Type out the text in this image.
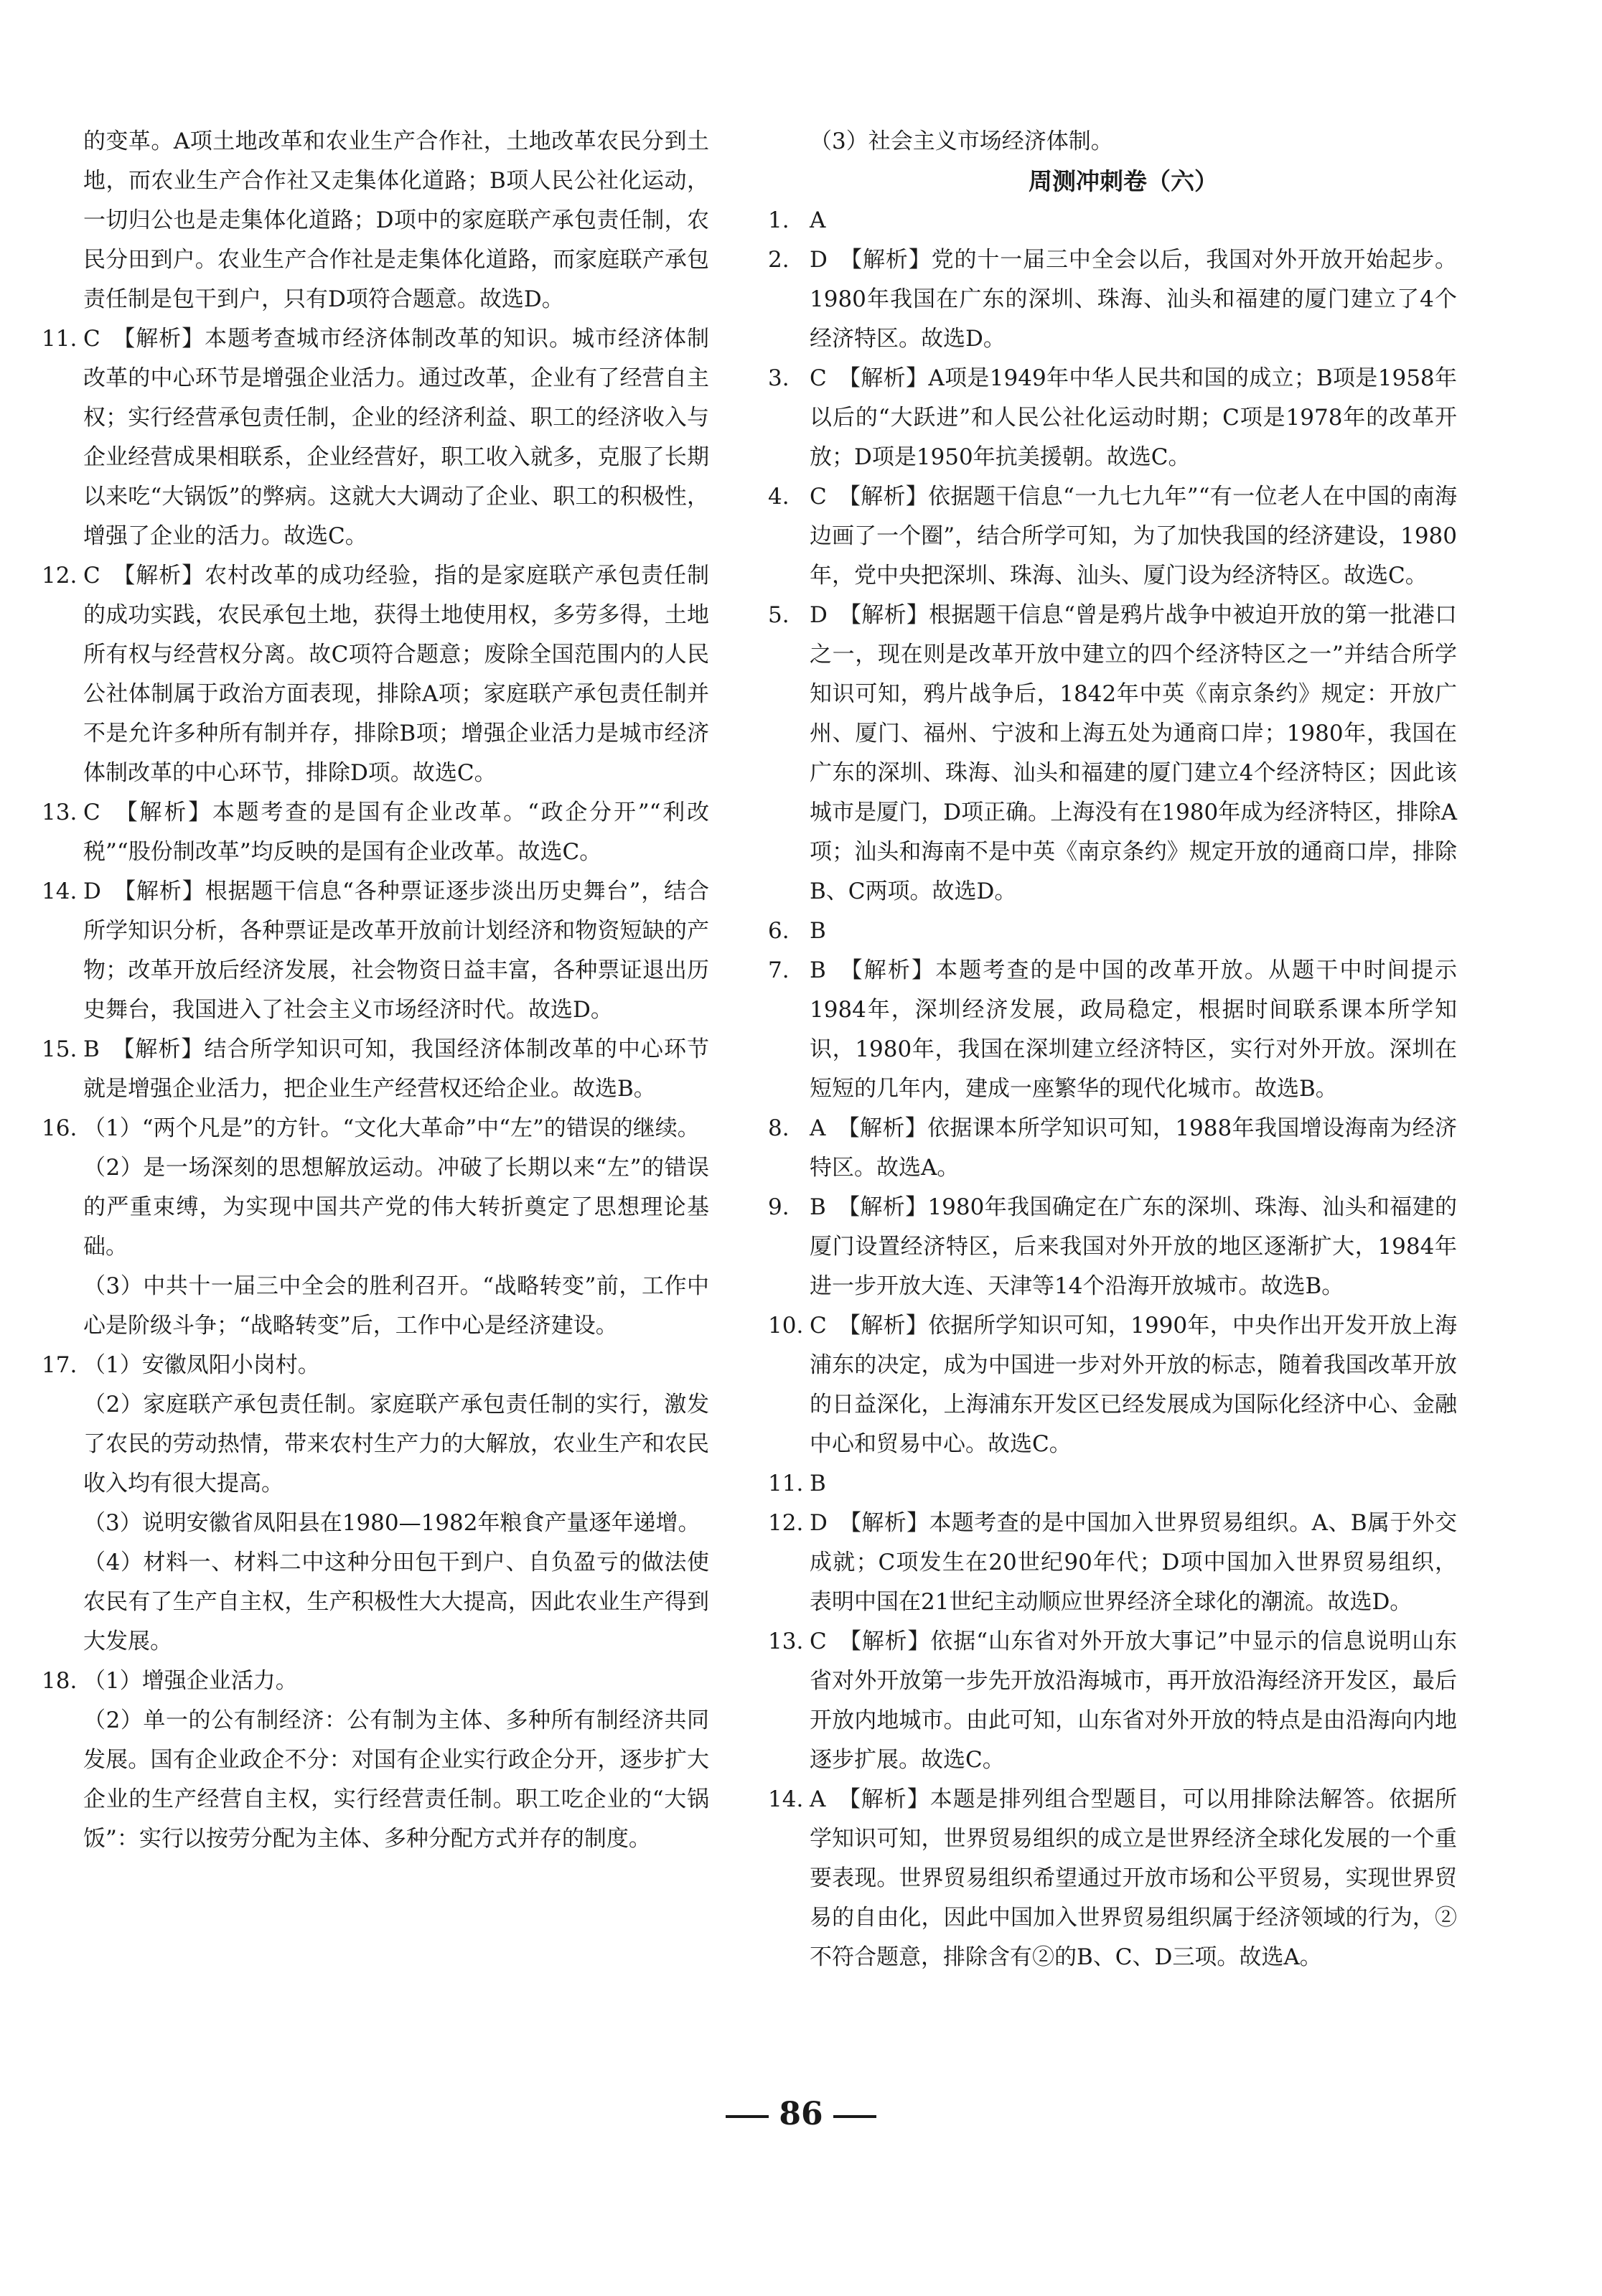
的变革。A项土地改革和农业生产合作社，土地改革农民分到土地，而农业生产合作社又走集体化道路；B项人民公社化运动，一切归公也是走集体化道路；D项中的家庭联产承包责任制，农民分田到户。农业生产合作社是走集体化道路，而家庭联产承包责任制是包干到户，只有D项符合题意。故选D。
11. C　【解析】本题考查城市经济体制改革的知识。城市经济体制改革的中心环节是增强企业活力。通过改革，企业有了经营自主权；实行经营承包责任制，企业的经济利益、职工的经济收入与企业经营成果相联系，企业经营好，职工收入就多，克服了长期以来吃“大锅饭”的弊病。这就大大调动了企业、职工的积极性，增强了企业的活力。故选C。
12. C　【解析】农村改革的成功经验，指的是家庭联产承包责任制的成功实践，农民承包土地，获得土地使用权，多劳多得，土地所有权与经营权分离。故C项符合题意；废除全国范围内的人民公社体制属于政治方面表现，排除A项；家庭联产承包责任制并不是允许多种所有制并存，排除B项；增强企业活力是城市经济体制改革的中心环节，排除D项。故选C。
13. C　【解析】本题考查的是国有企业改革。“政企分开”“利改税”“股份制改革”均反映的是国有企业改革。故选C。
14. D　【解析】根据题干信息“各种票证逐步淡出历史舞台”，结合所学知识分析，各种票证是改革开放前计划经济和物资短缺的产物；改革开放后经济发展，社会物资日益丰富，各种票证退出历史舞台，我国进入了社会主义市场经济时代。故选D。
15. B　【解析】结合所学知识可知，我国经济体制改革的中心环节就是增强企业活力，把企业生产经营权还给企业。故选B。
16. （1）“两个凡是”的方针。“文化大革命”中“左”的错误的继续。
（2）是一场深刻的思想解放运动。冲破了长期以来“左”的错误的严重束缚，为实现中国共产党的伟大转折奠定了思想理论基础。
（3）中共十一届三中全会的胜利召开。“战略转变”前，工作中心是阶级斗争；“战略转变”后，工作中心是经济建设。
17. （1）安徽凤阳小岗村。
（2）家庭联产承包责任制。家庭联产承包责任制的实行，激发了农民的劳动热情，带来农村生产力的大解放，农业生产和农民收入均有很大提高。
（3）说明安徽省凤阳县在1980—1982年粮食产量逐年递增。
（4）材料一、材料二中这种分田包干到户、自负盈亏的做法使农民有了生产自主权，生产积极性大大提高，因此农业生产得到大发展。
18. （1）增强企业活力。
（2）单一的公有制经济：公有制为主体、多种所有制经济共同发展。国有企业政企不分：对国有企业实行政企分开，逐步扩大企业的生产经营自主权，实行经营责任制。职工吃企业的“大锅饭”：实行以按劳分配为主体、多种分配方式并存的制度。
（3）社会主义市场经济体制。
周测冲刺卷（六）
1. A
2. D　【解析】党的十一届三中全会以后，我国对外开放开始起步。1980年我国在广东的深圳、珠海、汕头和福建的厦门建立了4个经济特区。故选D。
3. C　【解析】A项是1949年中华人民共和国的成立；B项是1958年以后的“大跃进”和人民公社化运动时期；C项是1978年的改革开放；D项是1950年抗美援朝。故选C。
4. C　【解析】依据题干信息“一九七九年”“有一位老人在中国的南海边画了一个圈”，结合所学可知，为了加快我国的经济建设，1980年，党中央把深圳、珠海、汕头、厦门设为经济特区。故选C。
5. D　【解析】根据题干信息“曾是鸦片战争中被迫开放的第一批港口之一，现在则是改革开放中建立的四个经济特区之一”并结合所学知识可知，鸦片战争后，1842年中英《南京条约》规定：开放广州、厦门、福州、宁波和上海五处为通商口岸；1980年，我国在广东的深圳、珠海、汕头和福建的厦门建立4个经济特区；因此该城市是厦门，D项正确。上海没有在1980年成为经济特区，排除A项；汕头和海南不是中英《南京条约》规定开放的通商口岸，排除B、C两项。故选D。
6. B
7. B　【解析】本题考查的是中国的改革开放。从题干中时间提示1984年，深圳经济发展，政局稳定，根据时间联系课本所学知识，1980年，我国在深圳建立经济特区，实行对外开放。深圳在短短的几年内，建成一座繁华的现代化城市。故选B。
8. A　【解析】依据课本所学知识可知，1988年我国增设海南为经济特区。故选A。
9. B　【解析】1980年我国确定在广东的深圳、珠海、汕头和福建的厦门设置经济特区，后来我国对外开放的地区逐渐扩大，1984年进一步开放大连、天津等14个沿海开放城市。故选B。
10. C　【解析】依据所学知识可知，1990年，中央作出开发开放上海浦东的决定，成为中国进一步对外开放的标志，随着我国改革开放的日益深化，上海浦东开发区已经发展成为国际化经济中心、金融中心和贸易中心。故选C。
11. B
12. D　【解析】本题考查的是中国加入世界贸易组织。A、B属于外交成就；C项发生在20世纪90年代；D项中国加入世界贸易组织，表明中国在21世纪主动顺应世界经济全球化的潮流。故选D。
13. C　【解析】依据“山东省对外开放大事记”中显示的信息说明山东省对外开放第一步先开放沿海城市，再开放沿海经济开发区，最后开放内地城市。由此可知，山东省对外开放的特点是由沿海向内地逐步扩展。故选C。
14. A　【解析】本题是排列组合型题目，可以用排除法解答。依据所学知识可知，世界贸易组织的成立是世界经济全球化发展的一个重要表现。世界贸易组织希望通过开放市场和公平贸易，实现世界贸易的自由化，因此中国加入世界贸易组织属于经济领域的行为，②不符合题意，排除含有②的B、C、D三项。故选A。
86
